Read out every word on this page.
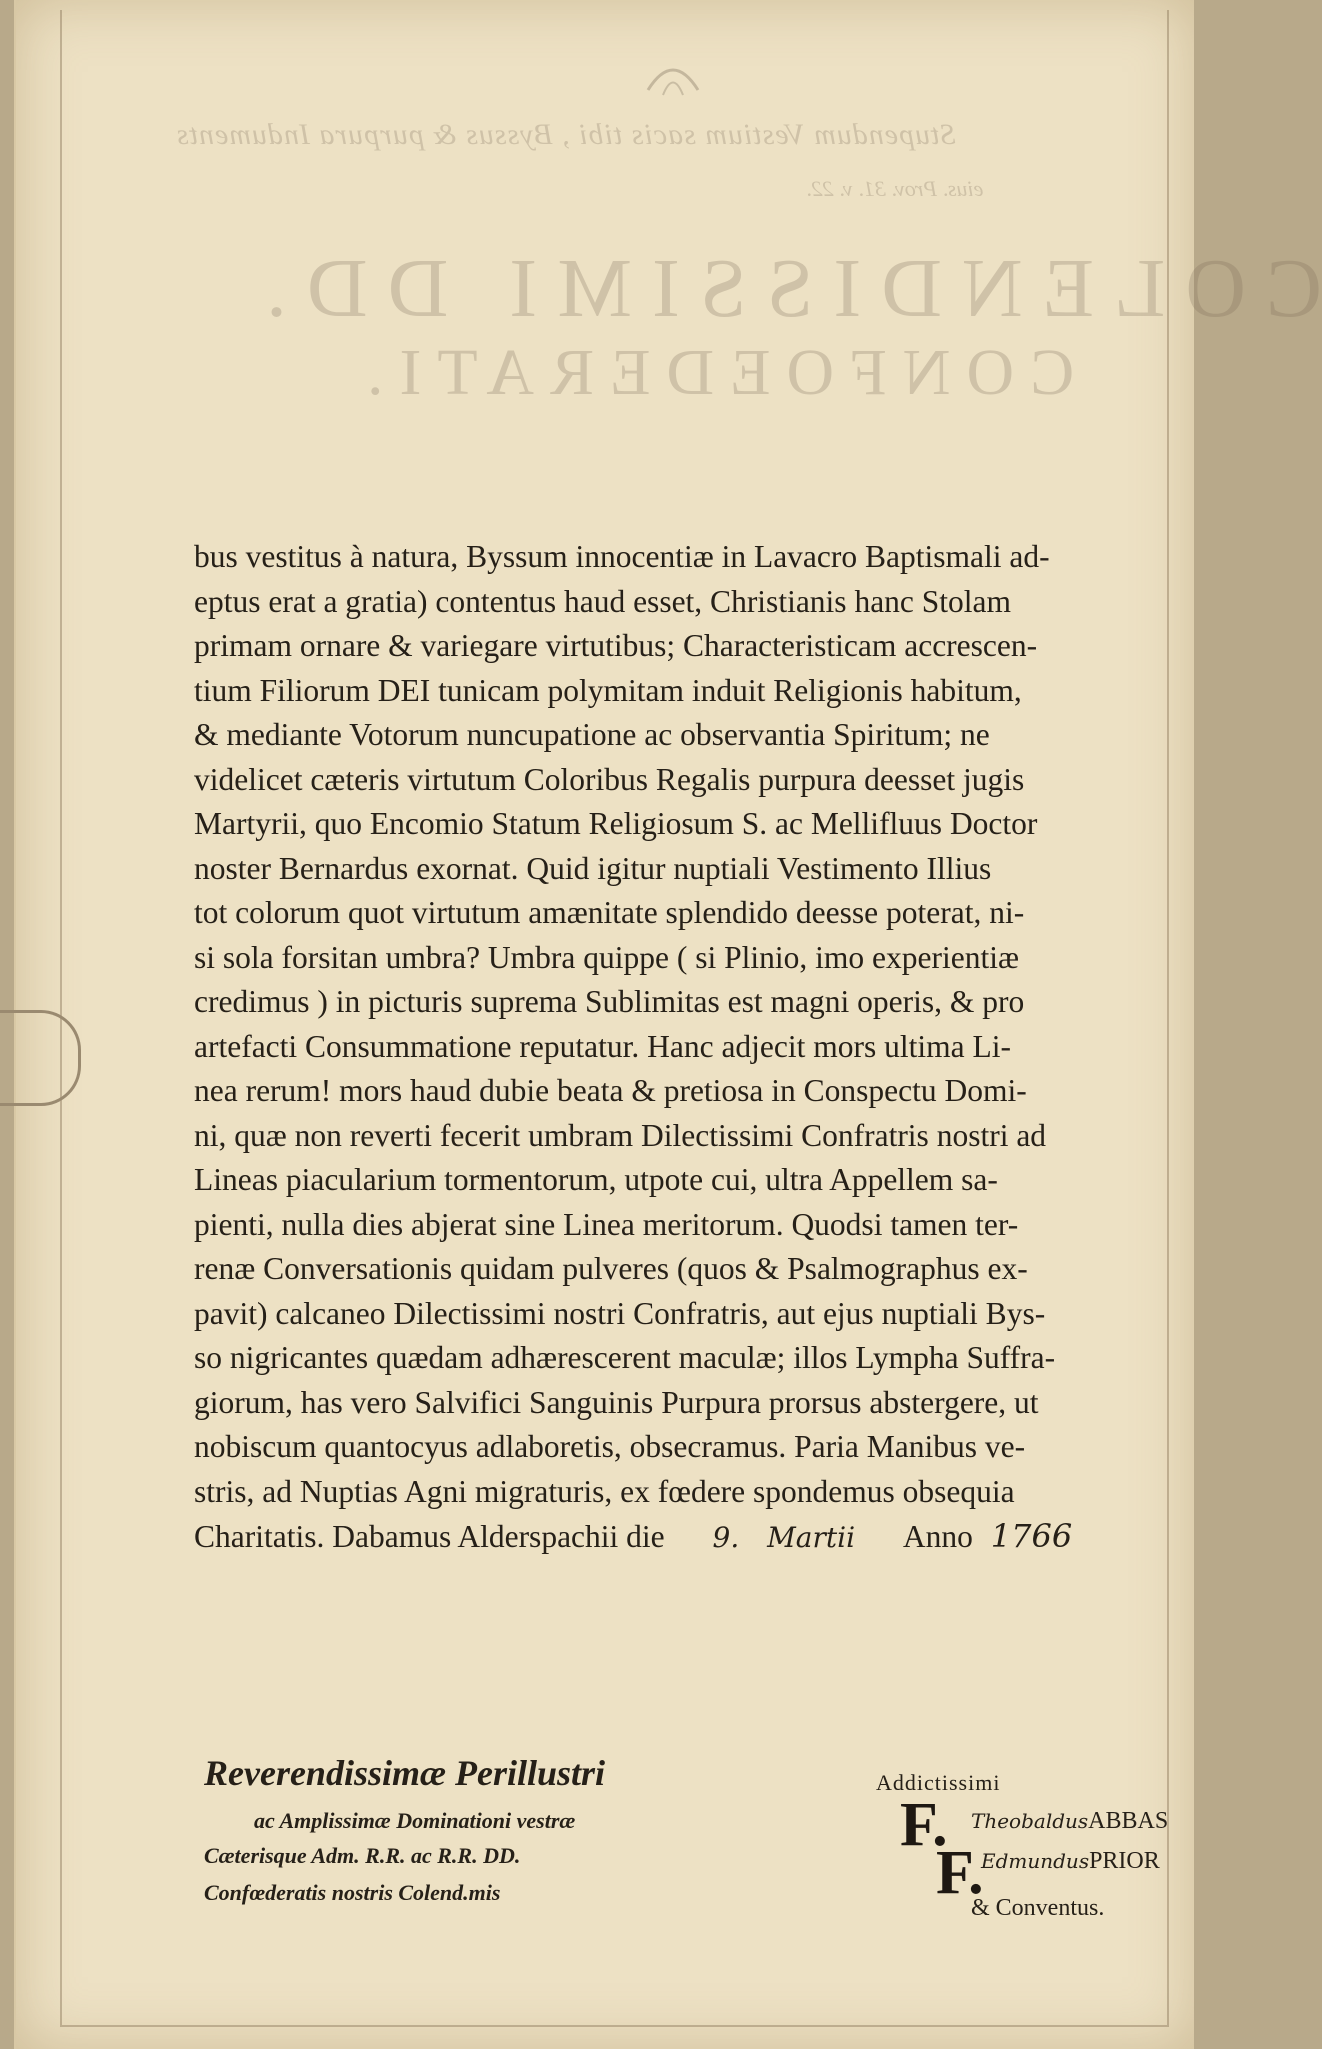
Stupendum Vestium sacis tibi , Byssus & purpura Induments
eius. Prov. 31. v. 22.
COLENDISSIMI DD.
CONFOEDERATI.
bus vestitus à natura, Byssum innocentiæ in Lavacro Baptismali ad-
eptus erat a gratia) contentus haud esset, Christianis hanc Stolam
primam ornare & variegare virtutibus; Characteristicam accrescen-
tium Filiorum DEI tunicam polymitam induit Religionis habitum,
& mediante Votorum nuncupatione ac observantia Spiritum; ne
videlicet cæteris virtutum Coloribus Regalis purpura deesset jugis
Martyrii, quo Encomio Statum Religiosum S. ac Mellifluus Doctor
noster Bernardus exornat. Quid igitur nuptiali Vestimento Illius
tot colorum quot virtutum amænitate splendido deesse poterat, ni-
si sola forsitan umbra? Umbra quippe ( si Plinio, imo experientiæ
credimus ) in picturis suprema Sublimitas est magni operis, & pro
artefacti Consummatione reputatur. Hanc adjecit mors ultima Li-
nea rerum! mors haud dubie beata & pretiosa in Conspectu Domi-
ni, quæ non reverti fecerit umbram Dilectissimi Confratris nostri ad
Lineas piacularium tormentorum, utpote cui, ultra Appellem sa-
pienti, nulla dies abjerat sine Linea meritorum. Quodsi tamen ter-
renæ Conversationis quidam pulveres (quos & Psalmographus ex-
pavit) calcaneo Dilectissimi nostri Confratris, aut ejus nuptiali Bys-
so nigricantes quædam adhærescerent maculæ; illos Lympha Suffra-
giorum, has vero Salvifici Sanguinis Purpura prorsus abstergere, ut
nobiscum quantocyus adlaboretis, obsecramus. Paria Manibus ve-
stris, ad Nuptias Agni migraturis, ex fœdere spondemus obsequia
Charitatis. Dabamus Alderspachii die 9. Martii Anno 1766
Reverendissimæ Perillustri
ac Amplissimæ Dominationi vestræ
Cæterisque Adm. R.R. ac R.R. DD.
Confœderatis nostris Colend.mis
Addictissimi
F.
F.
TheobaldusABBAS
EdmundusPRIOR
& Conventus.
